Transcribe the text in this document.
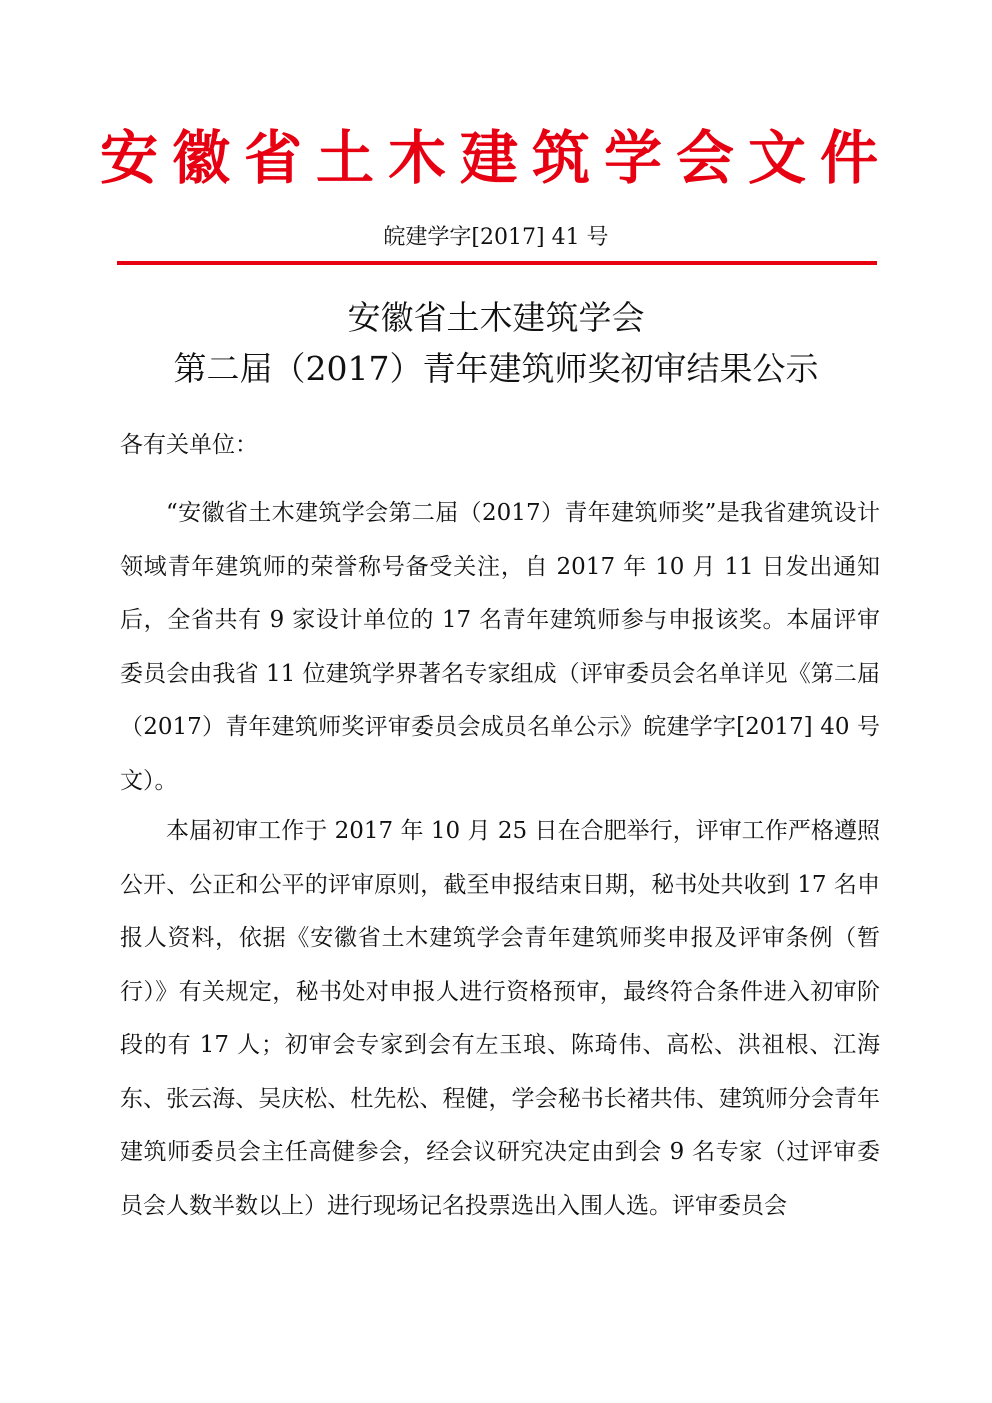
安徽省土木建筑学会文件
皖建学字[2017] 41 号
安徽省土木建筑学会
第二届（2017）青年建筑师奖初审结果公示
各有关单位：

“安徽省土木建筑学会第二届（2017）青年建筑师奖”是我省建筑设计领域青年建筑师的荣誉称号备受关注，自 2017 年 10 月 11 日发出通知后，全省共有 9 家设计单位的 17 名青年建筑师参与申报该奖。本届评审委员会由我省 11 位建筑学界著名专家组成（评审委员会名单详见《第二届（2017）青年建筑师奖评审委员会成员名单公示》皖建学字[2017] 40 号文）。

本届初审工作于 2017 年 10 月 25 日在合肥举行，评审工作严格遵照公开、公正和公平的评审原则，截至申报结束日期，秘书处共收到 17 名申报人资料，依据《安徽省土木建筑学会青年建筑师奖申报及评审条例（暂行）》有关规定，秘书处对申报人进行资格预审，最终符合条件进入初审阶段的有 17 人；初审会专家到会有左玉琅、陈琦伟、高松、洪祖根、江海东、张云海、吴庆松、杜先松、程健，学会秘书长褚共伟、建筑师分会青年建筑师委员会主任高健参会，经会议研究决定由到会 9 名专家（过评审委员会人数半数以上）进行现场记名投票选出入围人选。评审委员会
